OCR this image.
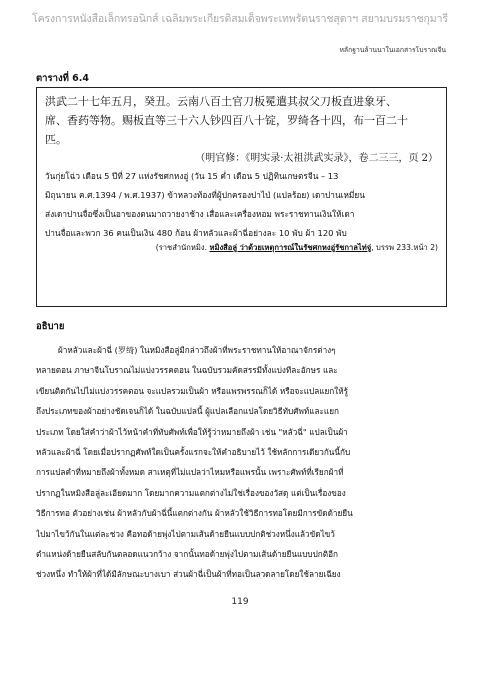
โครงการหนังสือเล็กทรอนิกส์ เฉลิมพระเกียรติสมเด็จพระเทพรัตนราชสุดาฯ สยามบรมราชกุมารี
หลักฐานล้านนาในเอกสารโบราณจีน
ตารางที่ 6.4
洪武二十七年五月，癸丑。云南八百土官刀板冕遣其叔父刀板直进象牙、
席、香药等物。赐板直等三十六人钞四百八十锭，罗绮各十四，布一百二十
匹。
（明官修：《明实录·太祖洪武实录》，卷二三三，页 2）
วันกุ่ยโฉ่ว เดือน 5 ปีที่ 27 แห่งรัชศกหงอู่ (วัน 15 ค่ำ เดือน 5 ปฏิทินเกษตรจีน – 13
มิถุนายน ค.ศ.1394 / พ.ศ.1937) ข้าหลวงท้องที่ผู้ปกครองปาไป่ (แปลร้อย) เดาปานเหมี่ยน
ส่งเดาปานจื่อซึ่งเป็นอาของตนมาถวายงาช้าง เสื่อและเครื่องหอม พระราชทานเงินให้เดา
ปานจื่อและพวก 36 คนเป็นเงิน 480 ก้อน ผ้าหลัวและผ้าฉี่อย่างละ 10 พับ ผ้า 120 พับ
(ราชสำนักหมิง. หมิงสือลู่ ว่าด้วยเหตุการณ์ในรัชศกหงอู่รัชกาลไท่จู่, บรรพ 233.หน้า 2)
อธิบาย
ผ้าหลัวและผ้าฉี่ (罗绮) ในหมิงสือลู่มีกล่าวถึงผ้าที่พระราชทานให้อาณาจักรต่างๆ
หลายตอน ภาษาจีนโบราณไม่แบ่งวรรคตอน ในฉบับรวมคัดสรรมีทั้งแบ่งทีละอักษร และ
เขียนติดกันไปไม่แบ่งวรรคตอน จะแปลรวมเป็นผ้า หรือแพรพรรณก็ได้ หรือจะแปลแยกให้รู้
ถึงประเภทของผ้าอย่างชัดเจนก็ได้ ในฉบับแปลนี้ ผู้แปลเลือกแปลโดยวิธีทับศัพท์และแยก
ประเภท โดยใส่คำว่าผ้าไว้หน้าคำที่ทับศัพท์เพื่อให้รู้ว่าหมายถึงผ้า เช่น "หลัวฉี่" แปลเป็นผ้า
หลัวและผ้าฉี่ โดยเมื่อปรากฏศัพท์ใดเป็นครั้งแรกจะให้คำอธิบายไว้ ใช้หลักการเดียวกันนี้กับ
การแปลคำที่หมายถึงผ้าทั้งหมด สาเหตุที่ไม่แปลว่าไหมหรือแพรนั้น เพราะศัพท์ที่เรียกผ้าที่
ปรากฏในหมิงสือลู่ละเอียดมาก โดยมากความแตกต่างไม่ใช่เรื่องของวัสดุ แต่เป็นเรื่องของ
วิธีการทอ ตัวอย่างเช่น ผ้าหลัวกับผ้าฉี่นี้แตกต่างกัน ผ้าหลัวใช้วิธีการทอโดยมีการขัดด้ายยืน
ไปมาไขว้กันในแต่ละช่วง คือทอด้ายพุ่งไปตามเส้นด้ายยืนแบบปกติช่วงหนึ่งแล้วขัดไขว้
ตำแหน่งด้ายยืนสลับกันตลอดแนวกว้าง จากนั้นทอด้ายพุ่งไปตามเส้นด้ายยืนแบบปกติอีก
ช่วงหนึ่ง ทำให้ผ้าที่ได้มีลักษณะบางเบา ส่วนผ้าฉี่เป็นผ้าที่ทอเป็นลวดลายโดยใช้ลายเฉียง
119
